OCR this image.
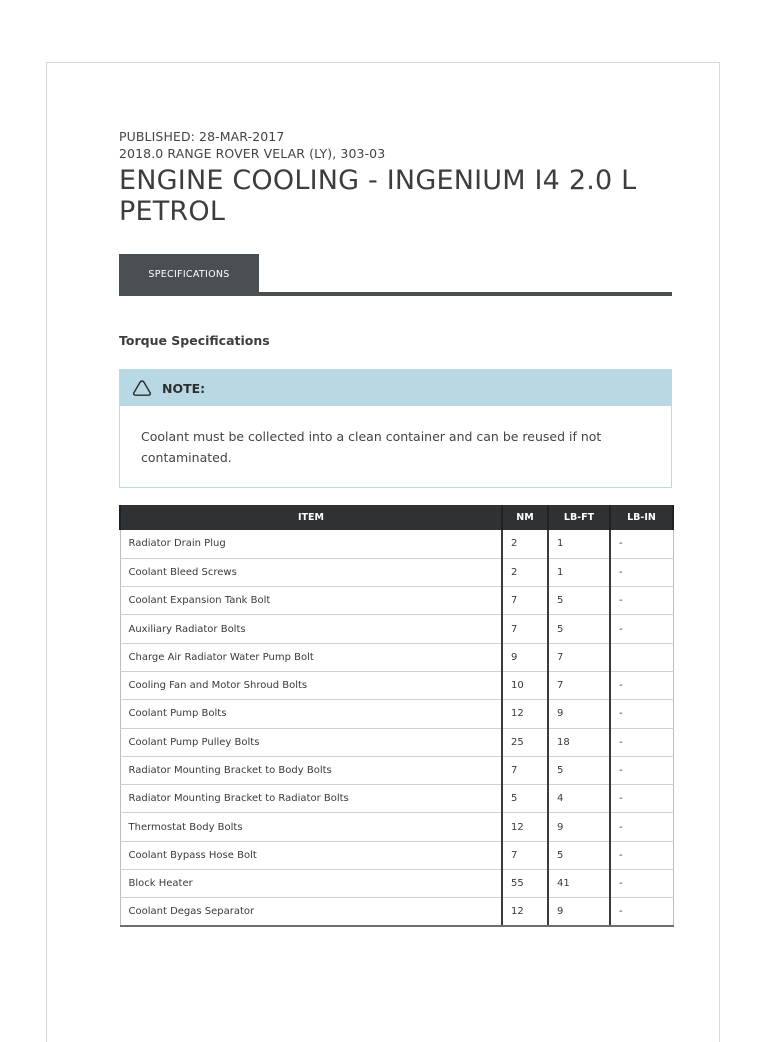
PUBLISHED: 28-MAR-2017
2018.0 RANGE ROVER VELAR (LY), 303-03
ENGINE COOLING - INGENIUM I4 2.0 L PETROL
SPECIFICATIONS
Torque Specifications
NOTE:
Coolant must be collected into a clean container and can be reused if not contaminated.
ITEM	NM	LB-FT	LB-IN
Radiator Drain Plug	2	1	-
Coolant Bleed Screws	2	1	-
Coolant Expansion Tank Bolt	7	5	-
Auxiliary Radiator Bolts	7	5	-
Charge Air Radiator Water Pump Bolt	9	7	
Cooling Fan and Motor Shroud Bolts	10	7	-
Coolant Pump Bolts	12	9	-
Coolant Pump Pulley Bolts	25	18	-
Radiator Mounting Bracket to Body Bolts	7	5	-
Radiator Mounting Bracket to Radiator Bolts	5	4	-
Thermostat Body Bolts	12	9	-
Coolant Bypass Hose Bolt	7	5	-
Block Heater	55	41	-
Coolant Degas Separator	12	9	-
